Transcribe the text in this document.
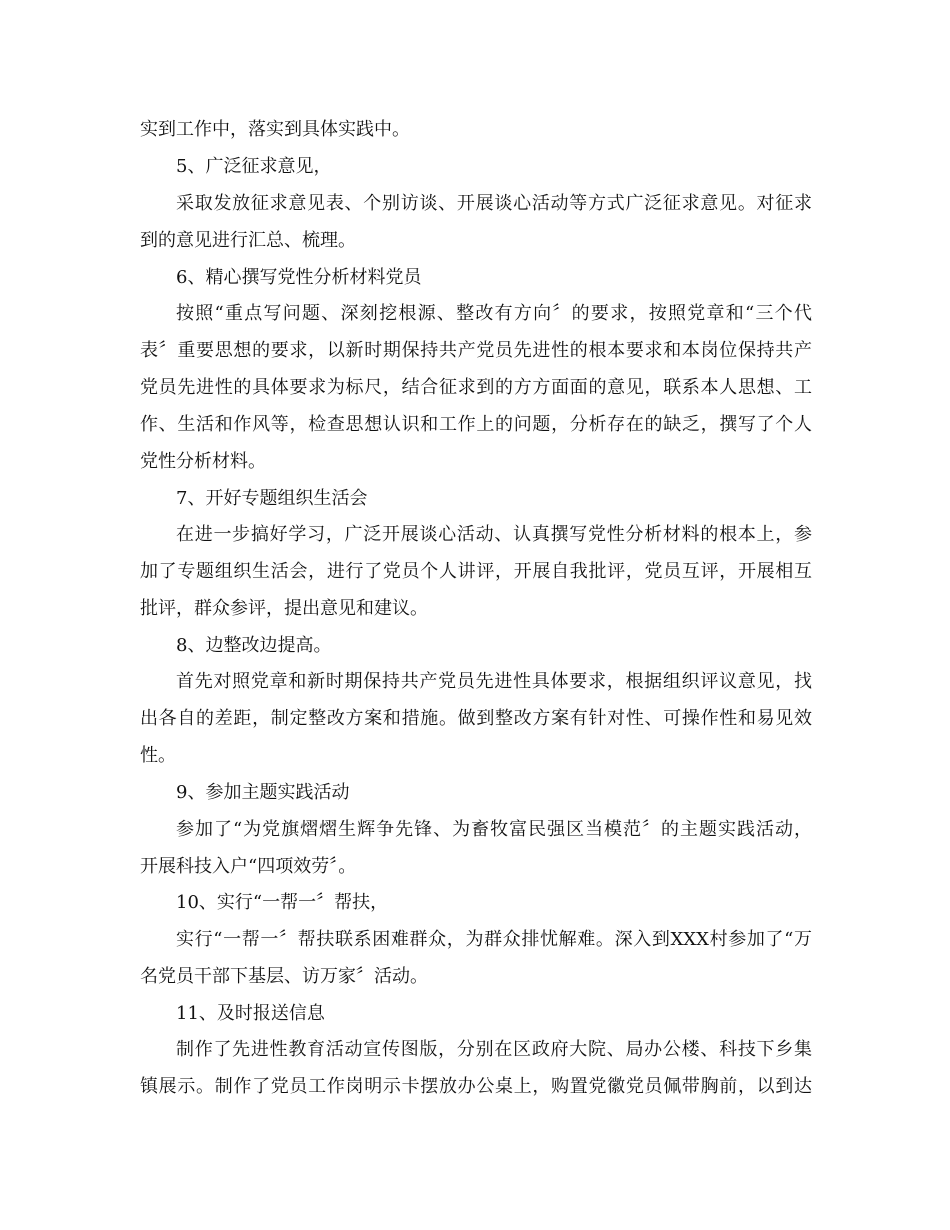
实到工作中，落实到具体实践中。
5、广泛征求意见，
采取发放征求意见表、个别访谈、开展谈心活动等方式广泛征求意见。对征求
到的意见进行汇总、梳理。
6、精心撰写党性分析材料党员
按照“重点写问题、深刻挖根源、整改有方向〞的要求，按照党章和“三个代
表〞重要思想的要求，以新时期保持共产党员先进性的根本要求和本岗位保持共产
党员先进性的具体要求为标尺，结合征求到的方方面面的意见，联系本人思想、工
作、生活和作风等，检查思想认识和工作上的问题，分析存在的缺乏，撰写了个人
党性分析材料。
7、开好专题组织生活会
在进一步搞好学习，广泛开展谈心活动、认真撰写党性分析材料的根本上，参
加了专题组织生活会，进行了党员个人讲评，开展自我批评，党员互评，开展相互
批评，群众参评，提出意见和建议。
8、边整改边提高。
首先对照党章和新时期保持共产党员先进性具体要求，根据组织评议意见，找
出各自的差距，制定整改方案和措施。做到整改方案有针对性、可操作性和易见效
性。
9、参加主题实践活动
参加了“为党旗熠熠生辉争先锋、为畜牧富民强区当模范〞的主题实践活动，
开展科技入户“四项效劳〞。
10、实行“一帮一〞帮扶，
实行“一帮一〞帮扶联系困难群众，为群众排忧解难。深入到XXX村参加了“万
名党员干部下基层、访万家〞活动。
11、及时报送信息
制作了先进性教育活动宣传图版，分别在区政府大院、局办公楼、科技下乡集
镇展示。制作了党员工作岗明示卡摆放办公桌上，购置党徽党员佩带胸前，以到达
